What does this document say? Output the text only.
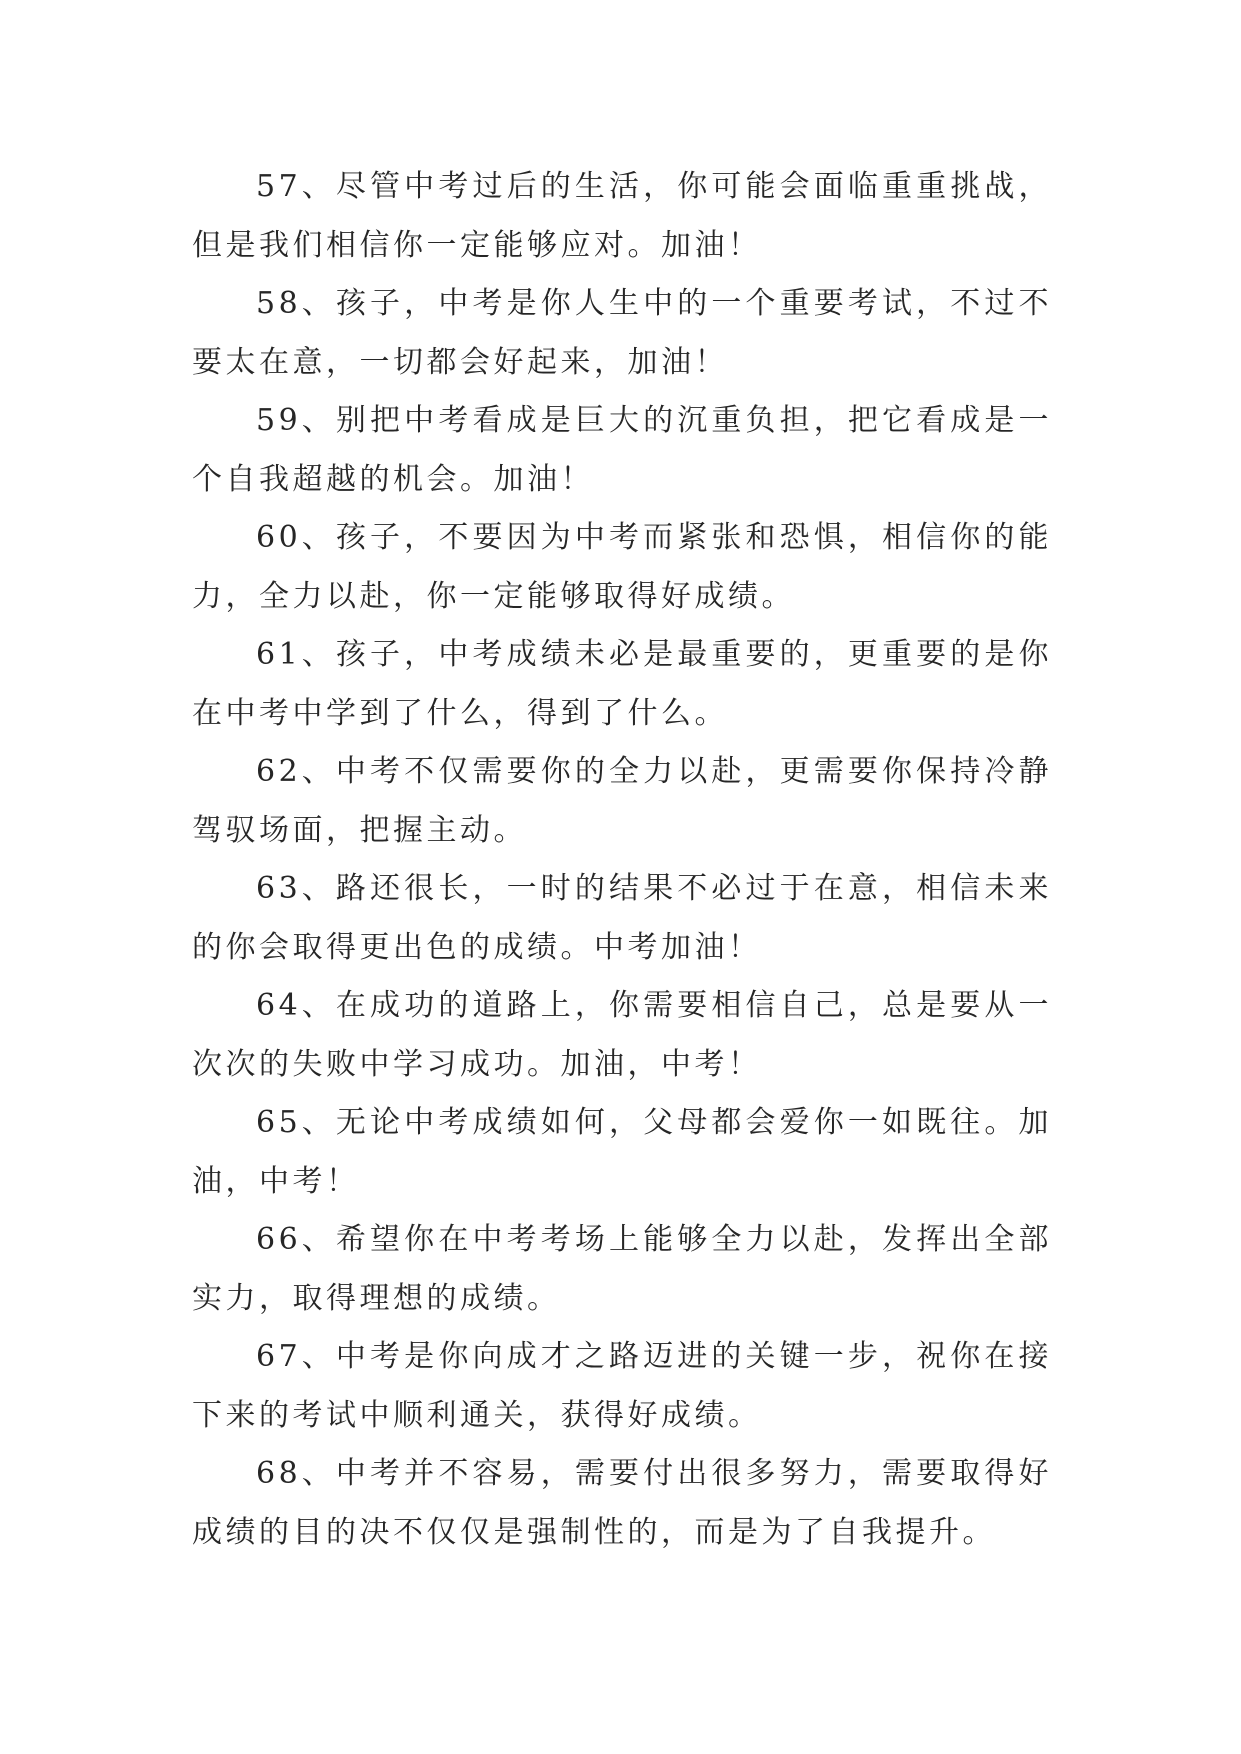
57、尽管中考过后的生活，你可能会面临重重挑战，但是我们相信你一定能够应对。加油！

58、孩子，中考是你人生中的一个重要考试，不过不要太在意，一切都会好起来，加油！

59、别把中考看成是巨大的沉重负担，把它看成是一个自我超越的机会。加油！

60、孩子，不要因为中考而紧张和恐惧，相信你的能力，全力以赴，你一定能够取得好成绩。

61、孩子，中考成绩未必是最重要的，更重要的是你在中考中学到了什么，得到了什么。

62、中考不仅需要你的全力以赴，更需要你保持冷静驾驭场面，把握主动。

63、路还很长，一时的结果不必过于在意，相信未来的你会取得更出色的成绩。中考加油！

64、在成功的道路上，你需要相信自己，总是要从一次次的失败中学习成功。加油，中考！

65、无论中考成绩如何，父母都会爱你一如既往。加油，中考！

66、希望你在中考考场上能够全力以赴，发挥出全部实力，取得理想的成绩。

67、中考是你向成才之路迈进的关键一步，祝你在接下来的考试中顺利通关，获得好成绩。

68、中考并不容易，需要付出很多努力，需要取得好成绩的目的决不仅仅是强制性的，而是为了自我提升。
